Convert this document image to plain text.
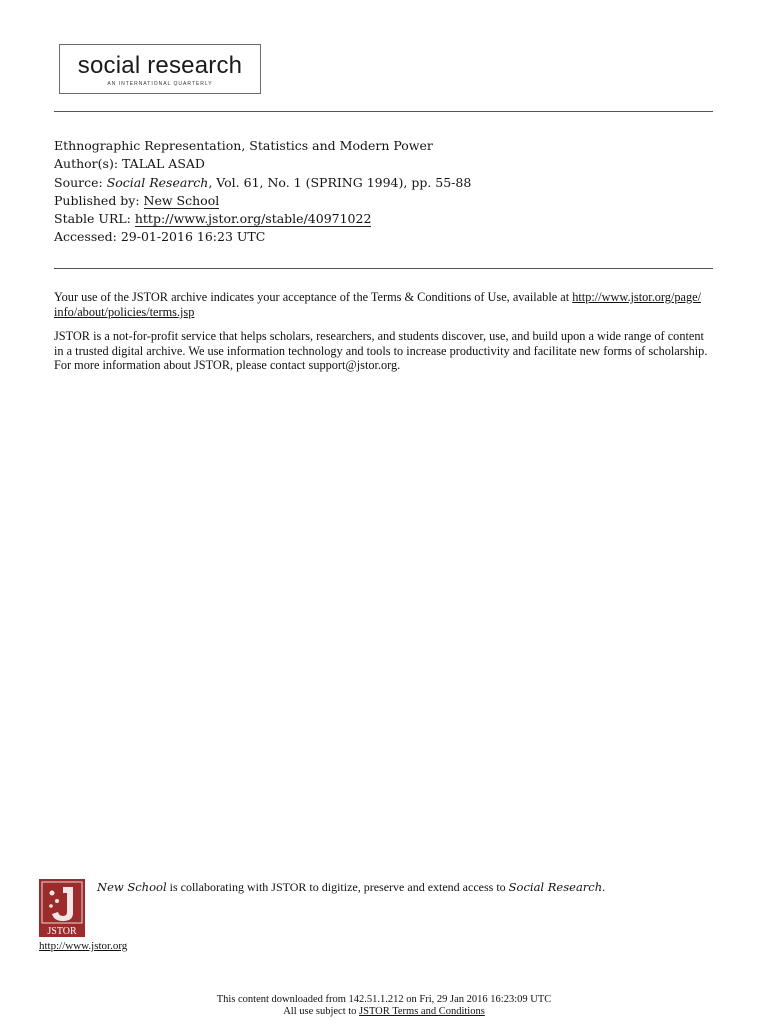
social research
AN INTERNATIONAL QUARTERLY
Ethnographic Representation, Statistics and Modern Power
Author(s): TALAL ASAD
Source: Social Research, Vol. 61, No. 1 (SPRING 1994), pp. 55-88
Published by: New School
Stable URL: http://www.jstor.org/stable/40971022
Accessed: 29-01-2016 16:23 UTC

Your use of the JSTOR archive indicates your acceptance of the Terms & Conditions of Use, available at http://www.jstor.org/page/
info/about/policies/terms.jsp

JSTOR is a not-for-profit service that helps scholars, researchers, and students discover, use, and build upon a wide range of content
in a trusted digital archive. We use information technology and tools to increase productivity and facilitate new forms of scholarship.
For more information about JSTOR, please contact support@jstor.org.

JSTOR
http://www.jstor.org
New School is collaborating with JSTOR to digitize, preserve and extend access to Social Research.
This content downloaded from 142.51.1.212 on Fri, 29 Jan 2016 16:23:09 UTC
All use subject to JSTOR Terms and Conditions
